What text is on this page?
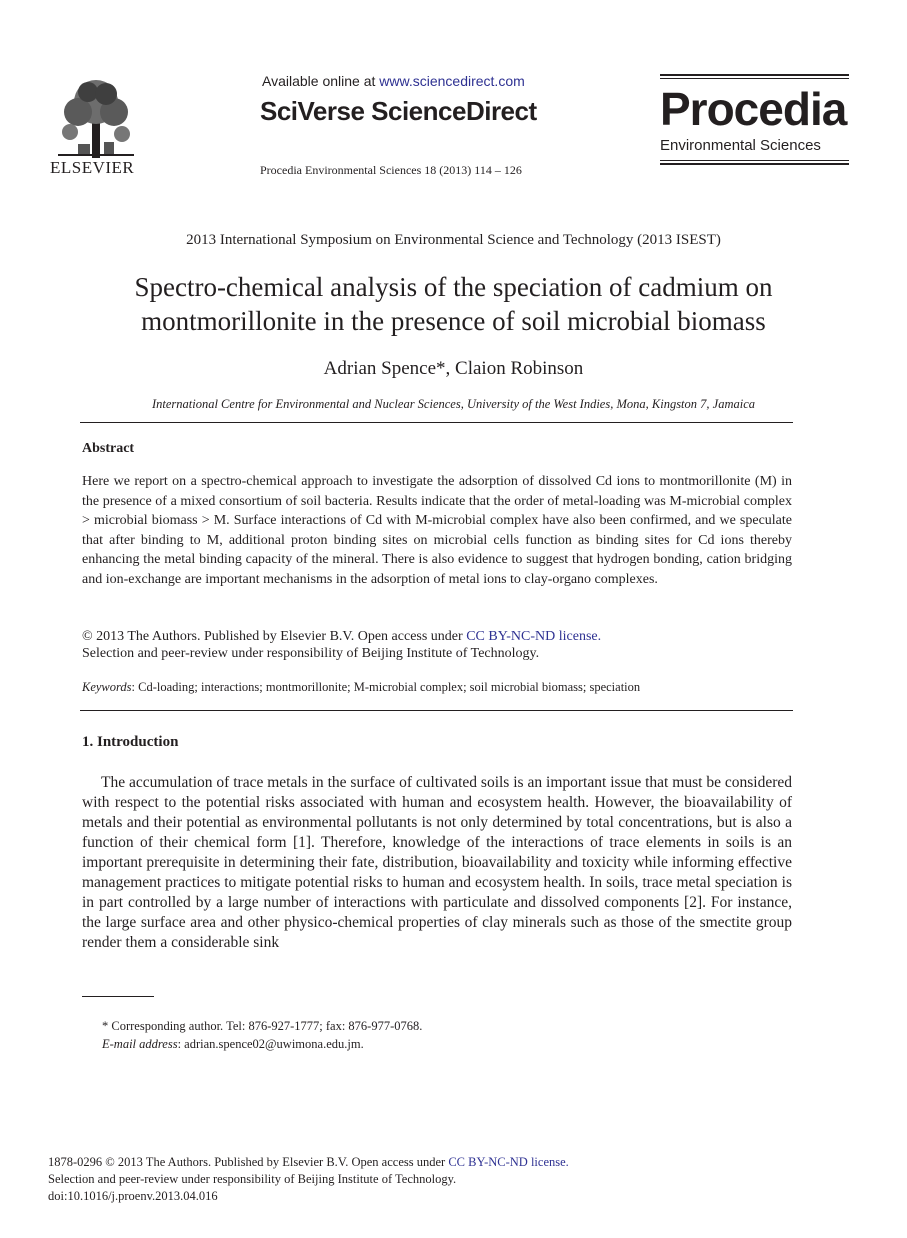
ELSEVIER
Available online at www.sciencedirect.com
SciVerse ScienceDirect
Procedia Environmental Sciences 18 (2013) 114 – 126
Procedia
Environmental Sciences
2013 International Symposium on Environmental Science and Technology (2013 ISEST)
Spectro-chemical analysis of the speciation of cadmium on
montmorillonite in the presence of soil microbial biomass
Adrian Spence*, Claion Robinson
International Centre for Environmental and Nuclear Sciences, University of the West Indies, Mona, Kingston 7, Jamaica
Abstract
Here we report on a spectro-chemical approach to investigate the adsorption of dissolved Cd ions to montmorillonite (M) in the presence of a mixed consortium of soil bacteria. Results indicate that the order of metal-loading was M-microbial complex > microbial biomass > M. Surface interactions of Cd with M-microbial complex have also been confirmed, and we speculate that after binding to M, additional proton binding sites on microbial cells function as binding sites for Cd ions thereby enhancing the metal binding capacity of the mineral. There is also evidence to suggest that hydrogen bonding, cation bridging and ion-exchange are important mechanisms in the adsorption of metal ions to clay-organo complexes.
© 2013 The Authors. Published by Elsevier B.V. Open access under CC BY-NC-ND license.
Selection and peer-review under responsibility of Beijing Institute of Technology.
Keywords: Cd-loading; interactions; montmorillonite; M-microbial complex; soil microbial biomass; speciation
1. Introduction
The accumulation of trace metals in the surface of cultivated soils is an important issue that must be considered with respect to the potential risks associated with human and ecosystem health. However, the bioavailability of metals and their potential as environmental pollutants is not only determined by total concentrations, but is also a function of their chemical form [1]. Therefore, knowledge of the interactions of trace elements in soils is an important prerequisite in determining their fate, distribution, bioavailability and toxicity while informing effective management practices to mitigate potential risks to human and ecosystem health. In soils, trace metal speciation is in part controlled by a large number of interactions with particulate and dissolved components [2]. For instance, the large surface area and other physico-chemical properties of clay minerals such as those of the smectite group render them a considerable sink
* Corresponding author. Tel: 876-927-1777; fax: 876-977-0768.
E-mail address: adrian.spence02@uwimona.edu.jm.
1878-0296 © 2013 The Authors. Published by Elsevier B.V. Open access under CC BY-NC-ND license.
Selection and peer-review under responsibility of Beijing Institute of Technology.
doi:10.1016/j.proenv.2013.04.016
